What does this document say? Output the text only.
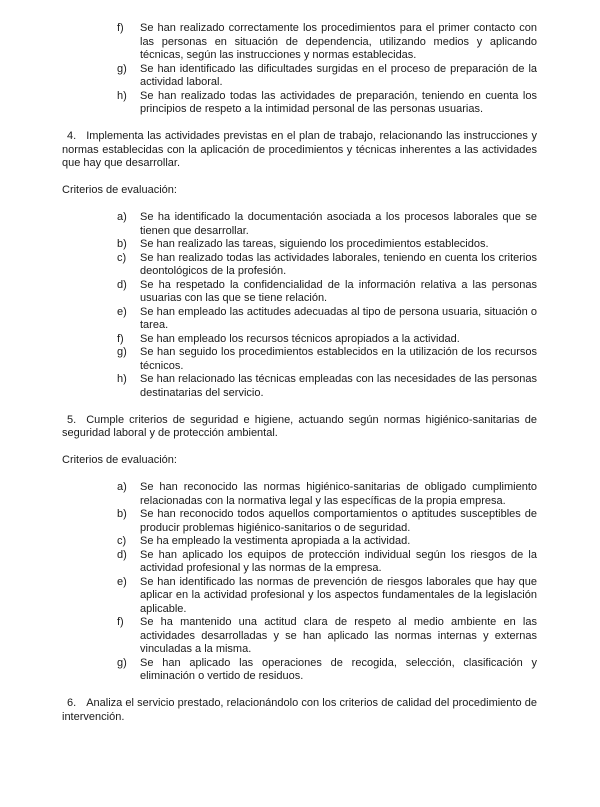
f) Se han realizado correctamente los procedimientos para el primer contacto con las personas en situación de dependencia, utilizando medios y aplicando técnicas, según las instrucciones y normas establecidas.
g) Se han identificado las dificultades surgidas en el proceso de preparación de la actividad laboral.
h) Se han realizado todas las actividades de preparación, teniendo en cuenta los principios de respeto a la intimidad personal de las personas usuarias.

4. Implementa las actividades previstas en el plan de trabajo, relacionando las instrucciones y normas establecidas con la aplicación de procedimientos y técnicas inherentes a las actividades que hay que desarrollar.

Criterios de evaluación:

a) Se ha identificado la documentación asociada a los procesos laborales que se tienen que desarrollar.
b) Se han realizado las tareas, siguiendo los procedimientos establecidos.
c) Se han realizado todas las actividades laborales, teniendo en cuenta los criterios deontológicos de la profesión.
d) Se ha respetado la confidencialidad de la información relativa a las personas usuarias con las que se tiene relación.
e) Se han empleado las actitudes adecuadas al tipo de persona usuaria, situación o tarea.
f) Se han empleado los recursos técnicos apropiados a la actividad.
g) Se han seguido los procedimientos establecidos en la utilización de los recursos técnicos.
h) Se han relacionado las técnicas empleadas con las necesidades de las personas destinatarias del servicio.

5. Cumple criterios de seguridad e higiene, actuando según normas higiénico-sanitarias de seguridad laboral y de protección ambiental.

Criterios de evaluación:

a) Se han reconocido las normas higiénico-sanitarias de obligado cumplimiento relacionadas con la normativa legal y las específicas de la propia empresa.
b) Se han reconocido todos aquellos comportamientos o aptitudes susceptibles de producir problemas higiénico-sanitarios o de seguridad.
c) Se ha empleado la vestimenta apropiada a la actividad.
d) Se han aplicado los equipos de protección individual según los riesgos de la actividad profesional y las normas de la empresa.
e) Se han identificado las normas de prevención de riesgos laborales que hay que aplicar en la actividad profesional y los aspectos fundamentales de la legislación aplicable.
f) Se ha mantenido una actitud clara de respeto al medio ambiente en las actividades desarrolladas y se han aplicado las normas internas y externas vinculadas a la misma.
g) Se han aplicado las operaciones de recogida, selección, clasificación y eliminación o vertido de residuos.

6. Analiza el servicio prestado, relacionándolo con los criterios de calidad del procedimiento de intervención.
